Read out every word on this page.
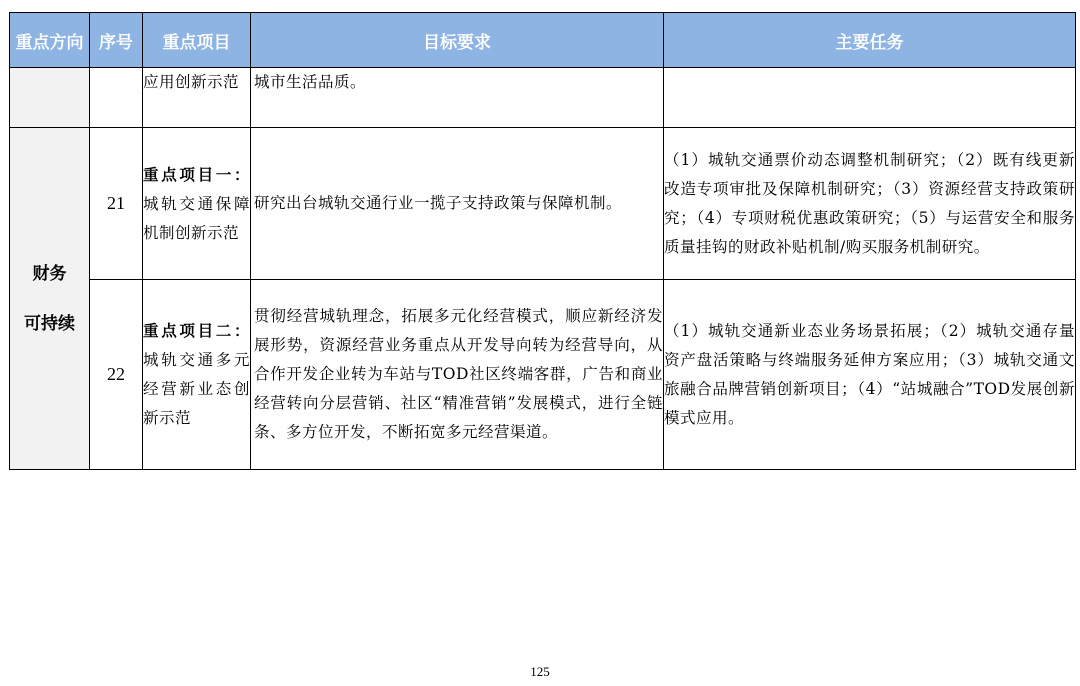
重点方向	序号	重点项目	目标要求	主要任务
		应用创新示范	城市生活品质。	

财务
可持续	21	重点项目一：城轨交通保障机制创新示范	研究出台城轨交通行业一揽子支持政策与保障机制。	（1）城轨交通票价动态调整机制研究；（2）既有线更新改造专项审批及保障机制研究；（3）资源经营支持政策研究；（4）专项财税优惠政策研究；（5）与运营安全和服务质量挂钩的财政补贴机制/购买服务机制研究。
	22	重点项目二：城轨交通多元经营新业态创新示范	贯彻经营城轨理念，拓展多元化经营模式，顺应新经济发展形势，资源经营业务重点从开发导向转为经营导向，从合作开发企业转为车站与TOD社区终端客群，广告和商业经营转向分层营销、社区“精准营销”发展模式，进行全链条、多方位开发，不断拓宽多元经营渠道。	（1）城轨交通新业态业务场景拓展；（2）城轨交通存量资产盘活策略与终端服务延伸方案应用；（3）城轨交通文旅融合品牌营销创新项目；（4）“站城融合”TOD发展创新模式应用。
125
